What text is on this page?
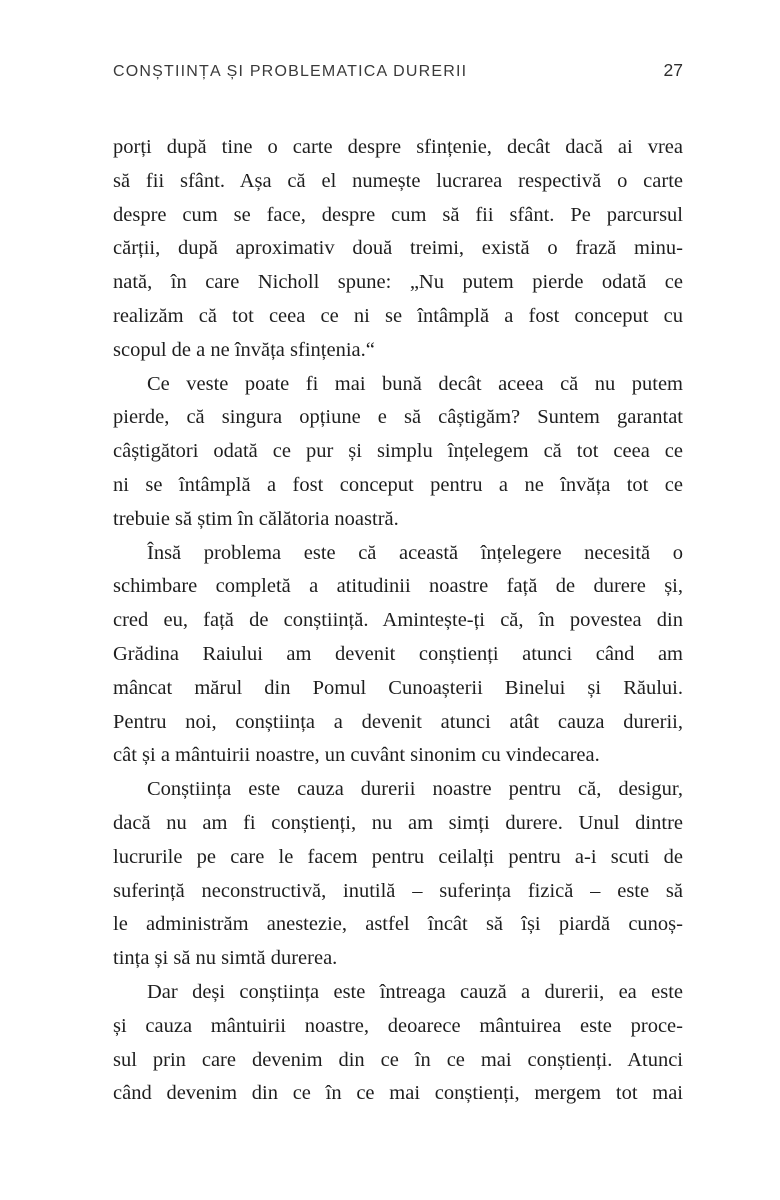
CONȘTIINȚA ȘI PROBLEMATICA DURERII	27
porți după tine o carte despre sfințenie, decât dacă ai vrea
să fii sfânt. Așa că el numește lucrarea respectivă o carte
despre cum se face, despre cum să fii sfânt. Pe parcursul
cărții, după aproximativ două treimi, există o frază minu-
nată, în care Nicholl spune: „Nu putem pierde odată ce
realizăm că tot ceea ce ni se întâmplă a fost conceput cu
scopul de a ne învăța sfințenia.“
Ce veste poate fi mai bună decât aceea că nu putem
pierde, că singura opțiune e să câștigăm? Suntem garantat
câștigători odată ce pur și simplu înțelegem că tot ceea ce
ni se întâmplă a fost conceput pentru a ne învăța tot ce
trebuie să știm în călătoria noastră.
Însă problema este că această înțelegere necesită o
schimbare completă a atitudinii noastre față de durere și,
cred eu, față de conștiință. Amintește-ți că, în povestea din
Grădina Raiului am devenit conștienți atunci când am
mâncat mărul din Pomul Cunoașterii Binelui și Răului.
Pentru noi, conștiința a devenit atunci atât cauza durerii,
cât și a mântuirii noastre, un cuvânt sinonim cu vindecarea.
Conștiința este cauza durerii noastre pentru că, desigur,
dacă nu am fi conștienți, nu am simți durere. Unul dintre
lucrurile pe care le facem pentru ceilalți pentru a-i scuti de
suferință neconstructivă, inutilă – suferința fizică – este să
le administrăm anestezie, astfel încât să își piardă cunoș-
tința și să nu simtă durerea.
Dar deși conștiința este întreaga cauză a durerii, ea este
și cauza mântuirii noastre, deoarece mântuirea este proce-
sul prin care devenim din ce în ce mai conștienți. Atunci
când devenim din ce în ce mai conștienți, mergem tot mai
